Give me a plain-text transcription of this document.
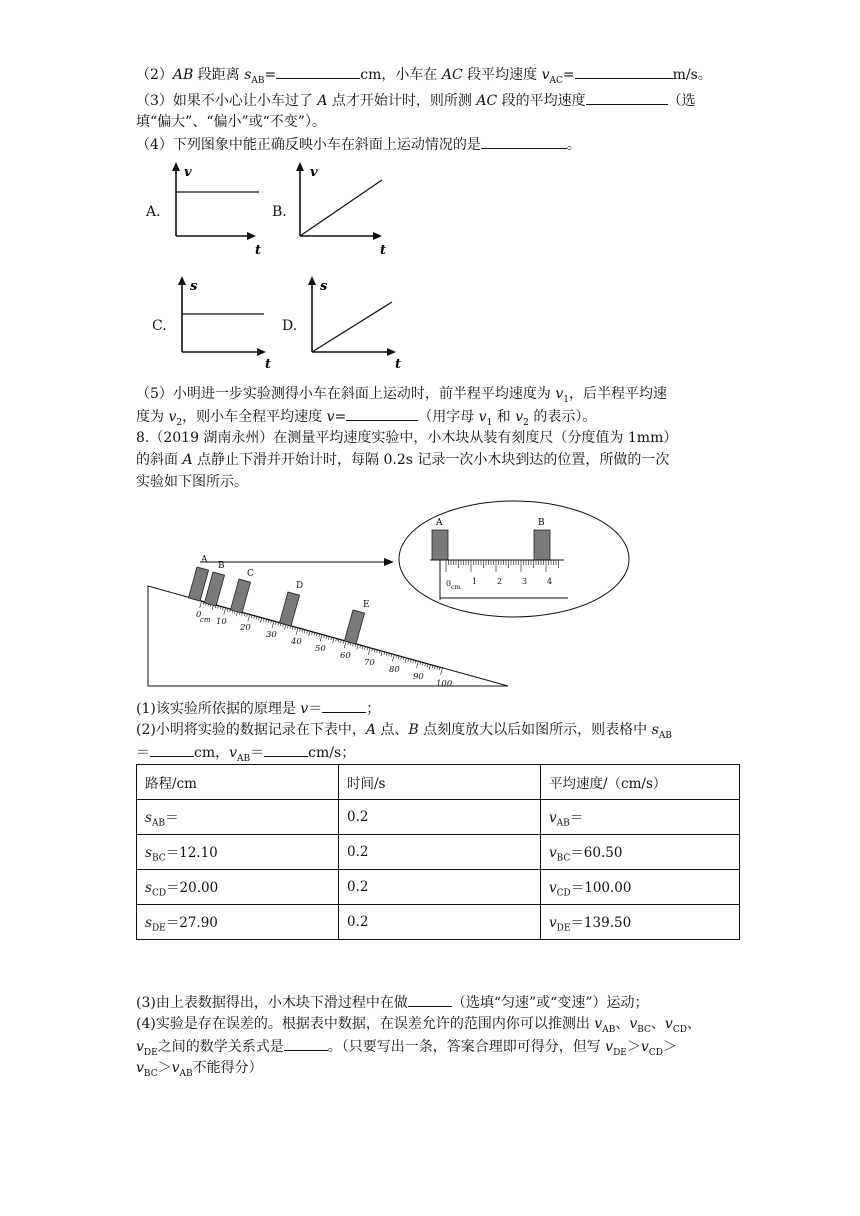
（2）AB 段距离 $s_{AB}=$	cm，小车在 AC 段平均速度 $v_{AC}=$	m/s。
（3）如果不小心让小车过了 A 点才开始计时，则所测 AC 段的平均速度	（选
填“偏大”、“偏小”或“不变”）。
（4）下列图象中能正确反映小车在斜面上运动情况的是	。
A.
v
t
B.
v
t
C.
s
t
D.
s
t
（5）小明进一步实验测得小车在斜面上运动时，前半程平均速度为 $v_1$，后半程平均速
度为 $v_2$，则小车全程平均速度 v=	（用字母 $v_1$ 和 $v_2$ 的表示）。
8.（2019 湖南永州）在测量平均速度实验中，小木块从装有刻度尺（分度值为 1mm）
的斜面 A 点静止下滑并开始计时，每隔 0.2s 记录一次小木块到达的位置，所做的一次
实验如下图所示。
0
cm 10
20
30
40
50
60
70
80
90
100
A
B
C
D
E
A	B
0 cm
1 2 3 4
(1)该实验所依据的原理是 v＝	；
(2)小明将实验的数据记录在下表中，A 点、B 点刻度放大以后如图所示，则表格中 $s_{AB}$
＝	cm，$v_{AB}=$	cm/s；
路程/cm	时间/s	平均速度/（cm/s）
$s_{AB}=$	0.2	$v_{AB}=$
$s_{BC}=12.10$	0.2	$v_{BC}=60.50$
$s_{CD}=20.00$	0.2	$v_{CD}=100.00$
$s_{DE}=27.90$	0.2	$v_{DE}=139.50$
(3)由上表数据得出，小木块下滑过程中在做	（选填“匀速”或“变速”）运动；
(4)实验是存在误差的。根据表中数据，在误差允许的范围内你可以推测出 $v_{AB}$、$v_{BC}$、$v_{CD}$、
$v_{DE}$之间的数学关系式是	。（只要写出一条，答案合理即可得分，但写 $v_{DE}>v_{CD}>$
$v_{BC}>v_{AB}$不能得分）
